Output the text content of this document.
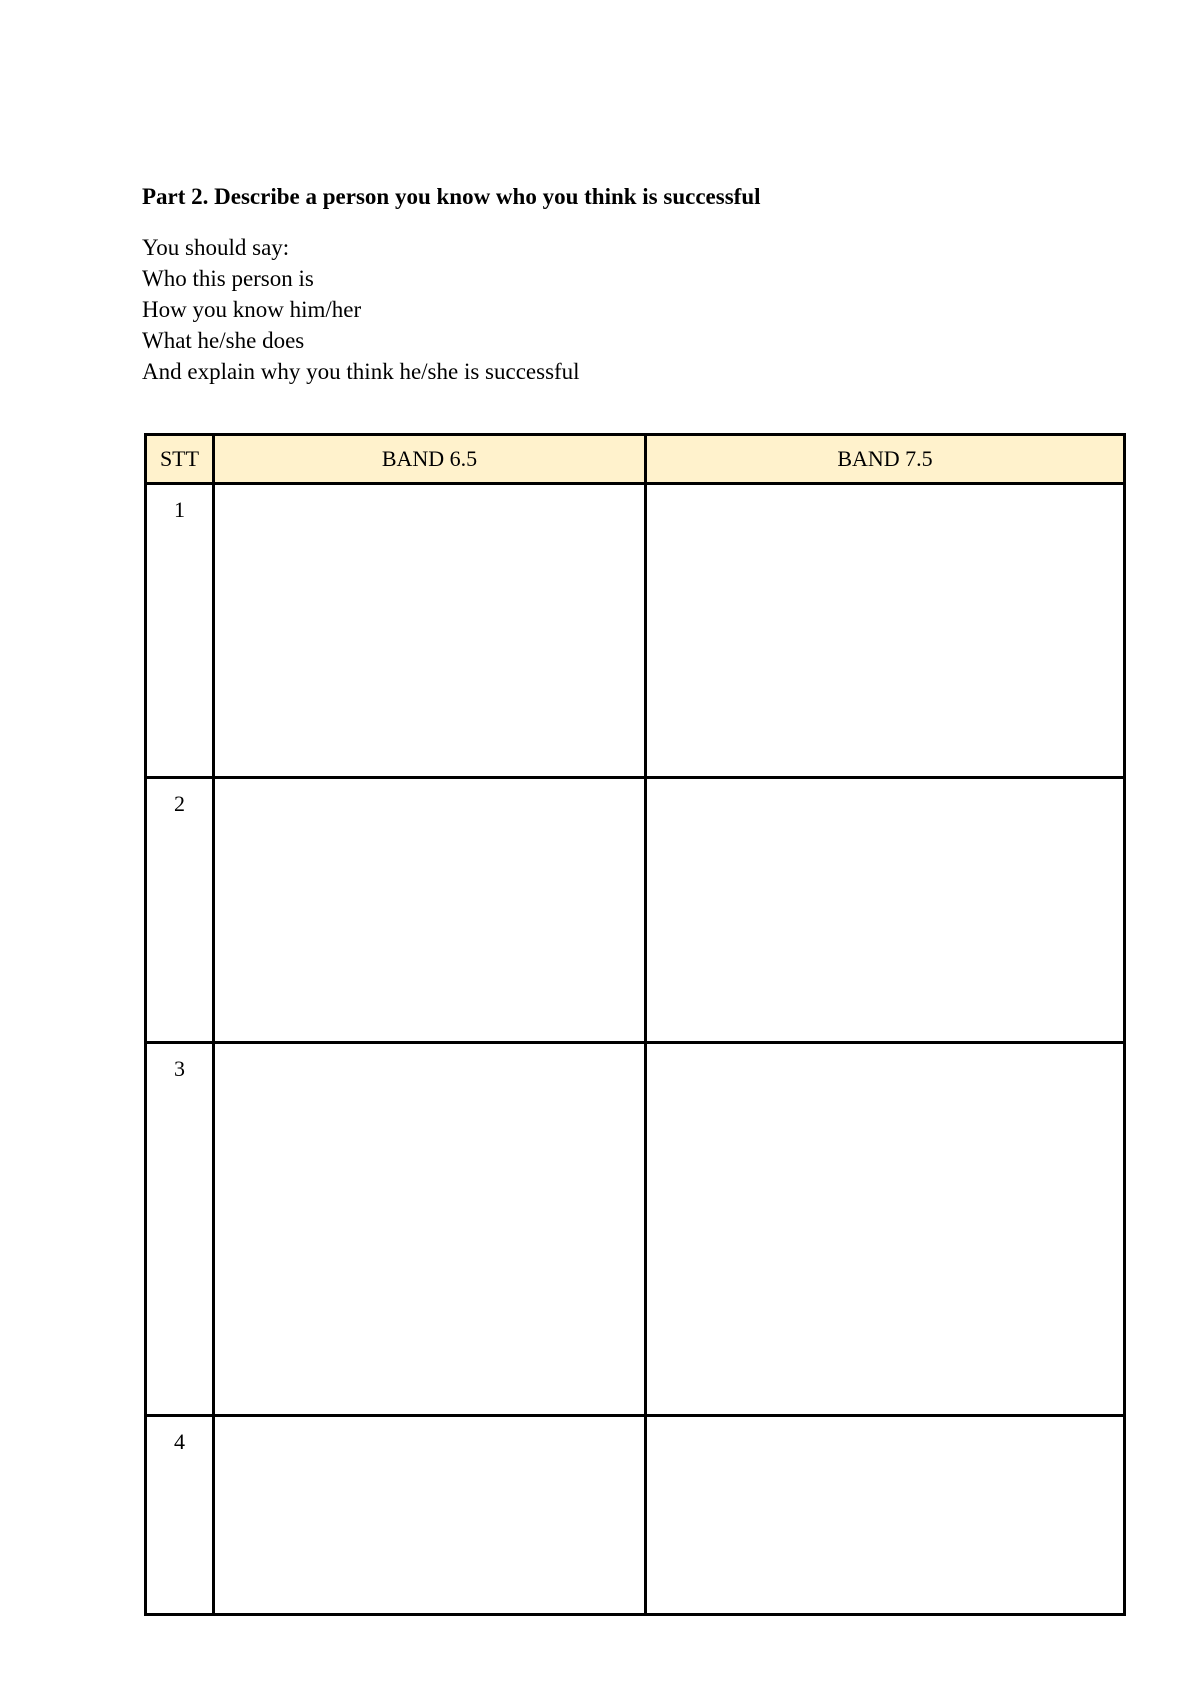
Part 2. Describe a person you know who you think is successful
You should say:
Who this person is
How you know him/her
What he/she does
And explain why you think he/she is successful
STT	BAND 6.5	BAND 7.5
1		
2		
3		
4		
